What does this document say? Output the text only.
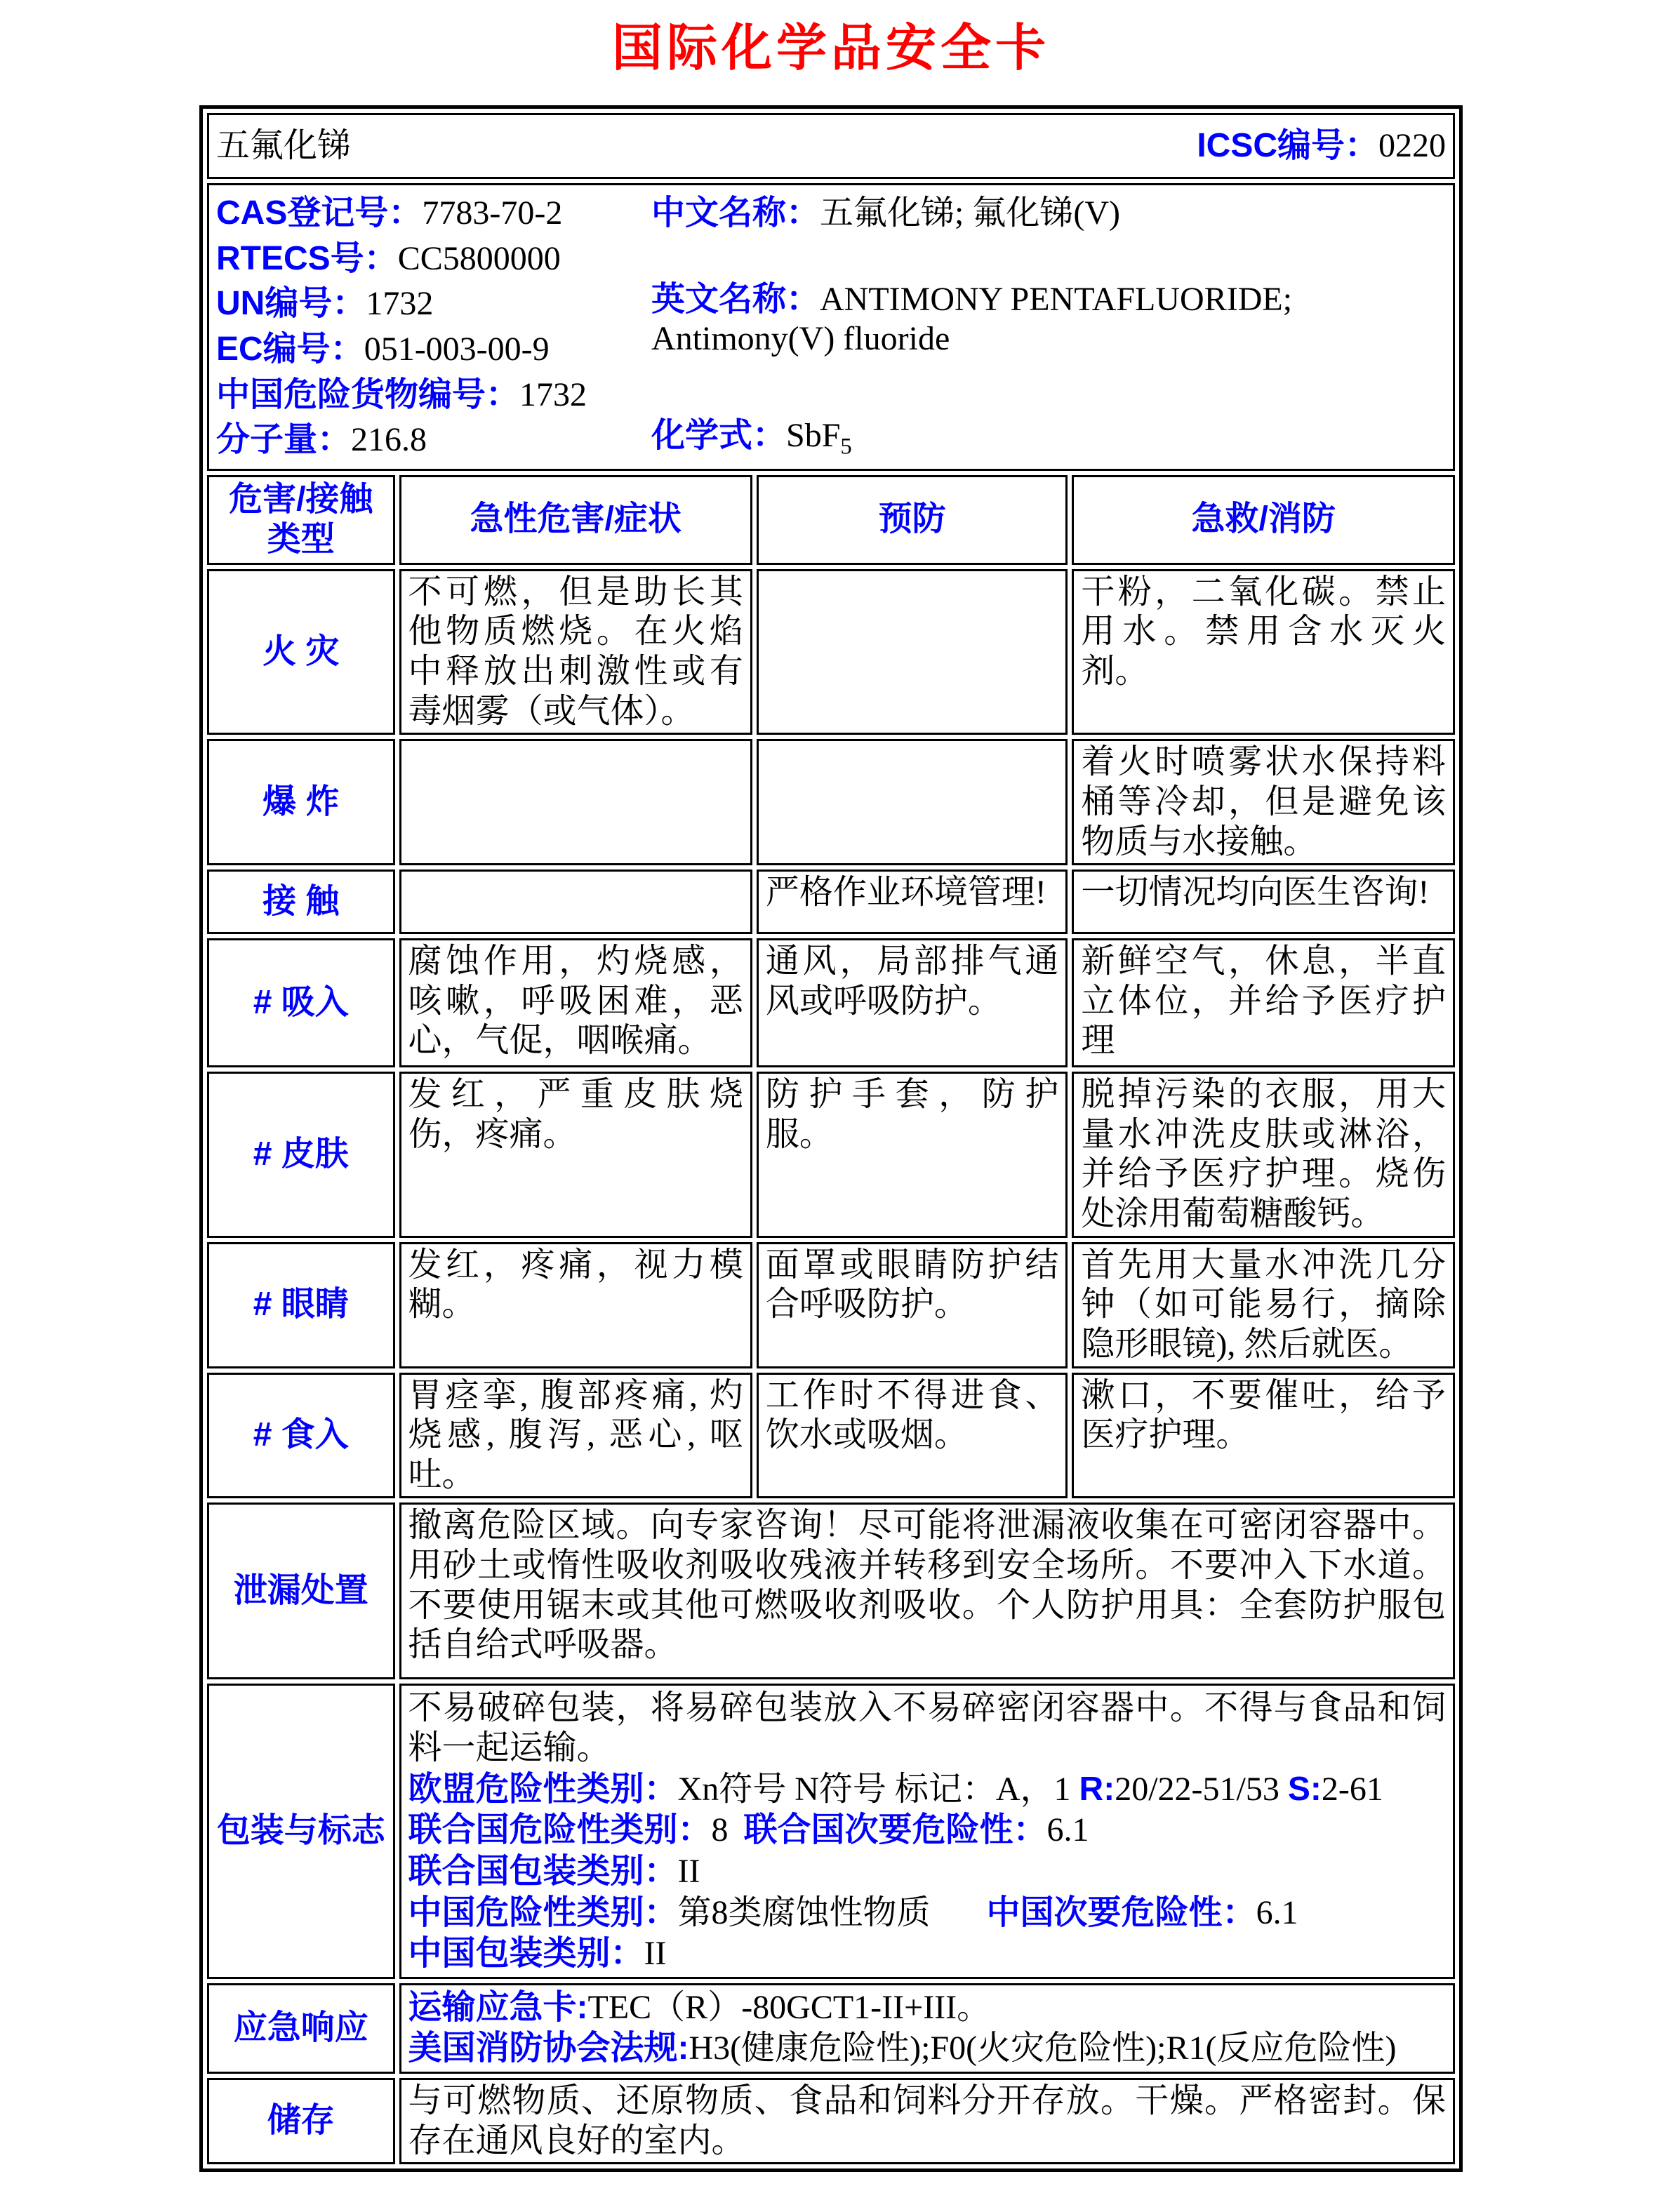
国际化学品安全卡
五氟化锑 ICSC编号：0220			

CAS登记号：7783-70-2
RTECS号：CC5800000
UN编号：1732
EC编号：051-003-00-9
中国危险货物编号：1732
分子量：216.8
中文名称：五氟化锑; 氟化锑(V)
英文名称：ANTIMONY PENTAFLUORIDE; Antimony(V) fluoride
化学式：SbF$_5$

危害/接触
类型	急性危害/症状	预防	急救/消防
火 灾	不可燃，但是助长其他物质燃烧。在火焰中释放出刺激性或有毒烟雾（或气体）。		干粉，二氧化碳。禁止用水。禁用含水灭火剂。
爆 炸			着火时喷雾状水保持料桶等冷却，但是避免该物质与水接触。
接 触		严格作业环境管理!	一切情况均向医生咨询!
# 吸入	腐蚀作用，灼烧感，咳嗽，呼吸困难，恶心，气促，咽喉痛。	通风，局部排气通风或呼吸防护。	新鲜空气，休息，半直立体位，并给予医疗护理
# 皮肤	发红，严重皮肤烧伤，疼痛。	防护手套，防护服。	脱掉污染的衣服，用大量水冲洗皮肤或淋浴，并给予医疗护理。烧伤处涂用葡萄糖酸钙。
# 眼睛	发红，疼痛，视力模糊。	面罩或眼睛防护结合呼吸防护。	首先用大量水冲洗几分钟（如可能易行，摘除隐形眼镜), 然后就医。
# 食入	胃痉挛, 腹部疼痛, 灼烧感, 腹泻, 恶心, 呕吐。	工作时不得进食、饮水或吸烟。	漱口，不要催吐，给予医疗护理。
泄漏处置	撤离危险区域。向专家咨询！尽可能将泄漏液收集在可密闭容器中。用砂土或惰性吸收剂吸收残液并转移到安全场所。不要冲入下水道。不要使用锯末或其他可燃吸收剂吸收。个人防护用具：全套防护服包括自给式呼吸器。		
包装与标志	
不易破碎包装，将易碎包装放入不易碎密闭容器中。不得与食品和饲料一起运输。
欧盟危险性类别：Xn符号 N符号 标记：A，1 R:20/22-51/53 S:2-61
联合国危险性类别：8 联合国次要危险性：6.1
联合国包装类别：II
中国危险性类别：第8类腐蚀性物质 中国次要危险性：6.1
中国包装类别：II

应急响应	运输应急卡:TEC（R）-80GCT1-II+III。
美国消防协会法规:H3(健康危险性);F0(火灾危险性);R1(反应危险性)		

储存	与可燃物质、还原物质、食品和饲料分开存放。干燥。严格密封。保存在通风良好的室内。		
